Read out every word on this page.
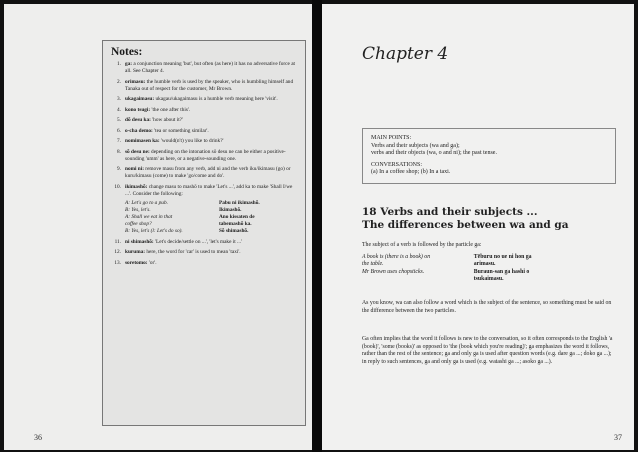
Notes:
1. ga: a conjunction meaning 'but', but often (as here) it has no adversative force at all. See Chapter 4.
2. orimasu: the humble verb is used by the speaker, who is humbling himself and Tanaka out of respect for the customer, Mr Brown.
3. ukagaimasu: ukagau/ukagaimasu is a humble verb meaning here 'visit'.
4. kono tsugi: 'the one after this'.
5. dō desu ka: 'how about it?'
6. o-cha demo: 'tea or something similar'.
7. nomimasen ka: 'would(n't) you like to drink?'
8. sō desu ne: depending on the intonation sō desu ne can be either a positive-sounding 'umm' as here, or a negative-sounding one.
9. nomi ni: remove masu from any verb, add ni and the verb iku/ikimasu (go) or kuru/kimasu (come) to make 'go/come and do'.
10. ikimashō: change masu to mashō to make 'Let's ...', add ka to make 'Shall I/we ...'. Consider the following:
A: Let's go to a pub.	Pabu ni ikimashō.
B: Yes, let's.	Ikimashō.
A: Shall we eat in that	Ano kissaten de
coffee shop?	tabemashō ka.
B: Yes, let's (l: Let's do so).	Sō shimashō.
11. ni shimashō: 'Let's decide/settle on ...', 'let's make it ...'
12. kuruma: here, the word for 'car' is used to mean 'taxi'.
13. soretomo: 'or'.
36
Chapter 4

MAIN POINTS:

Verbs and their subjects (wa and ga);

verbs and their objects (wa, o and ni); the past tense.

CONVERSATIONS:

(a) In a coffee shop; (b) In a taxi.

18 Verbs and their subjects ...
The differences between wa and ga
The subject of a verb is followed by the particle ga:
A book is (there is a book) on	Tēburu no ue ni hon ga
the table.	arimasu.
Mr Brown uses chopsticks.	Buraun-san ga hashi o
tsukaimasu.
As you know, wa can also follow a word which is the subject of the sentence, so something must be said on the difference between the two particles.
Ga often implies that the word it follows is new to the conversation, so it often corresponds to the English 'a (book)', 'some (books)' as opposed to 'the (book which you're reading)'; ga emphasizes the word it follows, rather than the rest of the sentence; ga and only ga is used after question words (e.g. dare ga ...; doko ga ...); in reply to such sentences, ga and only ga is used (e.g. watashi ga ...; asoko ga ...).
37
